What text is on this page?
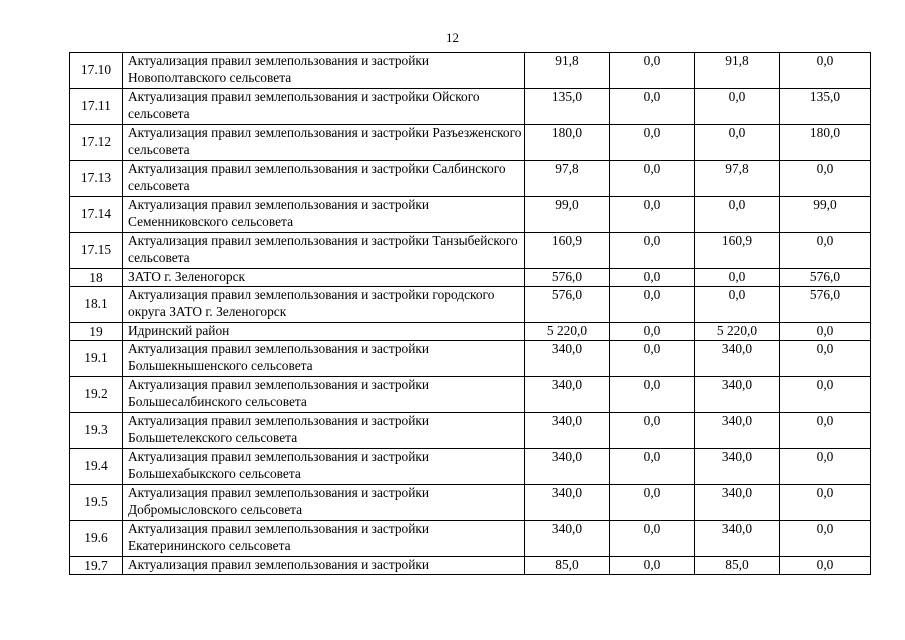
12
17.10	Актуализация правил землепользования и застройки Новополтавского сельсовета	91,8	0,0	91,8	0,0
17.11	Актуализация правил землепользования и застройки Ойского сельсовета	135,0	0,0	0,0	135,0
17.12	Актуализация правил землепользования и застройки Разъезженского сельсовета	180,0	0,0	0,0	180,0
17.13	Актуализация правил землепользования и застройки Салбинского сельсовета	97,8	0,0	97,8	0,0
17.14	Актуализация правил землепользования и застройки Семенниковского сельсовета	99,0	0,0	0,0	99,0
17.15	Актуализация правил землепользования и застройки Танзыбейского сельсовета	160,9	0,0	160,9	0,0
18	ЗАТО г. Зеленогорск	576,0	0,0	0,0	576,0
18.1	Актуализация правил землепользования и застройки городского округа ЗАТО г. Зеленогорск	576,0	0,0	0,0	576,0
19	Идринский район	5 220,0	0,0	5 220,0	0,0
19.1	Актуализация правил землепользования и застройки Большекнышенского сельсовета	340,0	0,0	340,0	0,0
19.2	Актуализация правил землепользования и застройки Большесалбинского сельсовета	340,0	0,0	340,0	0,0
19.3	Актуализация правил землепользования и застройки Большетелекского сельсовета	340,0	0,0	340,0	0,0
19.4	Актуализация правил землепользования и застройки Большехабыкского сельсовета	340,0	0,0	340,0	0,0
19.5	Актуализация правил землепользования и застройки Добромысловского сельсовета	340,0	0,0	340,0	0,0
19.6	Актуализация правил землепользования и застройки Екатерининского сельсовета	340,0	0,0	340,0	0,0
19.7	Актуализация правил землепользования и застройки	85,0	0,0	85,0	0,0
